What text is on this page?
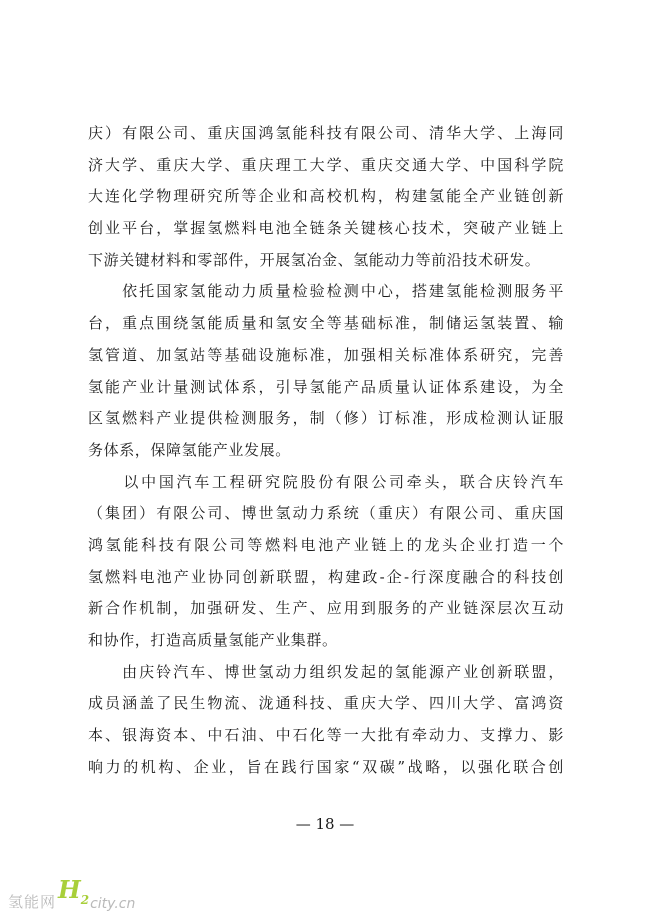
庆）有限公司、重庆国鸿氢能科技有限公司、清华大学、上海同
济大学、重庆大学、重庆理工大学、重庆交通大学、中国科学院
大连化学物理研究所等企业和高校机构，构建氢能全产业链创新
创业平台，掌握氢燃料电池全链条关键核心技术，突破产业链上
下游关键材料和零部件，开展氢冶金、氢能动力等前沿技术研发。
　　依托国家氢能动力质量检验检测中心，搭建氢能检测服务平
台，重点围绕氢能质量和氢安全等基础标准，制储运氢装置、输
氢管道、加氢站等基础设施标准，加强相关标准体系研究，完善
氢能产业计量测试体系，引导氢能产品质量认证体系建设，为全
区氢燃料产业提供检测服务，制（修）订标准，形成检测认证服
务体系，保障氢能产业发展。
　　以中国汽车工程研究院股份有限公司牵头，联合庆铃汽车
（集团）有限公司、博世氢动力系统（重庆）有限公司、重庆国
鸿氢能科技有限公司等燃料电池产业链上的龙头企业打造一个
氢燃料电池产业协同创新联盟，构建政-企-行深度融合的科技创
新合作机制，加强研发、生产、应用到服务的产业链深层次互动
和协作，打造高质量氢能产业集群。
　　由庆铃汽车、博世氢动力组织发起的氢能源产业创新联盟，
成员涵盖了民生物流、泷通科技、重庆大学、四川大学、富鸿资
本、银海资本、中石油、中石化等一大批有牵动力、支撑力、影
响力的机构、企业，旨在践行国家“双碳”战略，以强化联合创
— 18 —
氢能网 $H_2$ city.cn
